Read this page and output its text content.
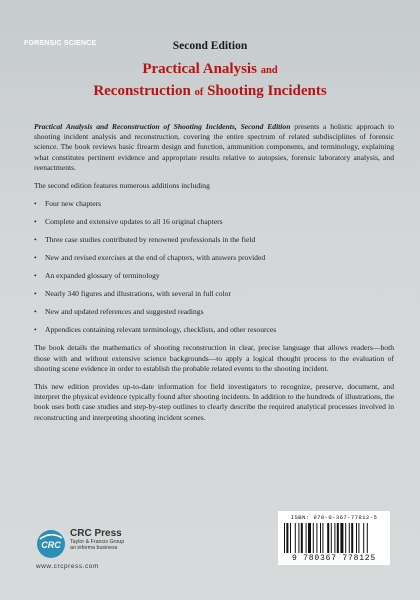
FORENSIC SCIENCE	Second Edition
Practical Analysis and
Reconstruction of Shooting Incidents

Practical Analysis and Reconstruction of Shooting Incidents, Second Edition presents a holistic approach to shooting incident analysis and reconstruction, covering the entire spectrum of related subdisciplines of forensic science. The book reviews basic firearm design and function, ammunition components, and terminology, explaining what constitutes pertinent evidence and appropriate results relative to autopsies, forensic laboratory analysis, and reenactments.

The second edition features numerous additions including

• Four new chapters
• Complete and extensive updates to all 16 original chapters
• Three case studies contributed by renowned professionals in the field
• New and revised exercises at the end of chapters, with answers provided
• An expanded glossary of terminology
• Nearly 340 figures and illustrations, with several in full color
• New and updated references and suggested readings
• Appendices containing relevant terminology, checklists, and other resources

The book details the mathematics of shooting reconstruction in clear, precise language that allows readers—both those with and without extensive science backgrounds—to apply a logical thought process to the evaluation of shooting scene evidence in order to establish the probable related events to the shooting incident.

This new edition provides up-to-date information for field investigators to recognize, preserve, document, and interpret the physical evidence typically found after shooting incidents. In addition to the hundreds of illustrations, the book uses both case studies and step-by-step outlines to clearly describe the required analytical processes involved in reconstructing and interpreting shooting incident scenes.

CRC
CRC Press
Taylor & Francis Group
an informa business
www.crcpress.com
ISBN: 978-0-367-77812-5
9 780367 778125
